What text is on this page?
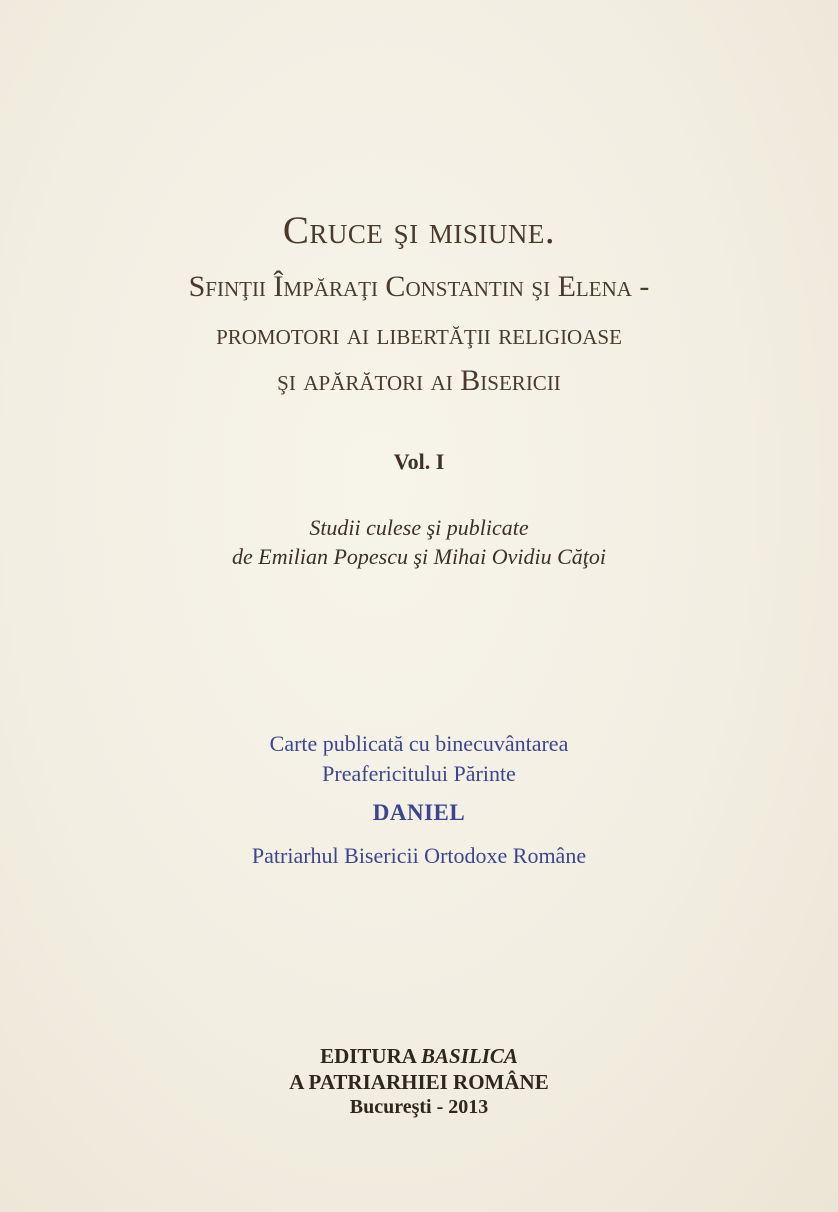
Cruce şi misiune.
Sfinţii Împăraţi Constantin şi Elena -
promotori ai libertăţii religioase
şi apărători ai Bisericii
Vol. I
Studii culese şi publicate
de Emilian Popescu şi Mihai Ovidiu Căţoi
Carte publicată cu binecuvântarea
Preafericitului Părinte
DANIEL
Patriarhul Bisericii Ortodoxe Române
EDITURA BASILICA
A PATRIARHIEI ROMÂNE
Bucureşti - 2013
